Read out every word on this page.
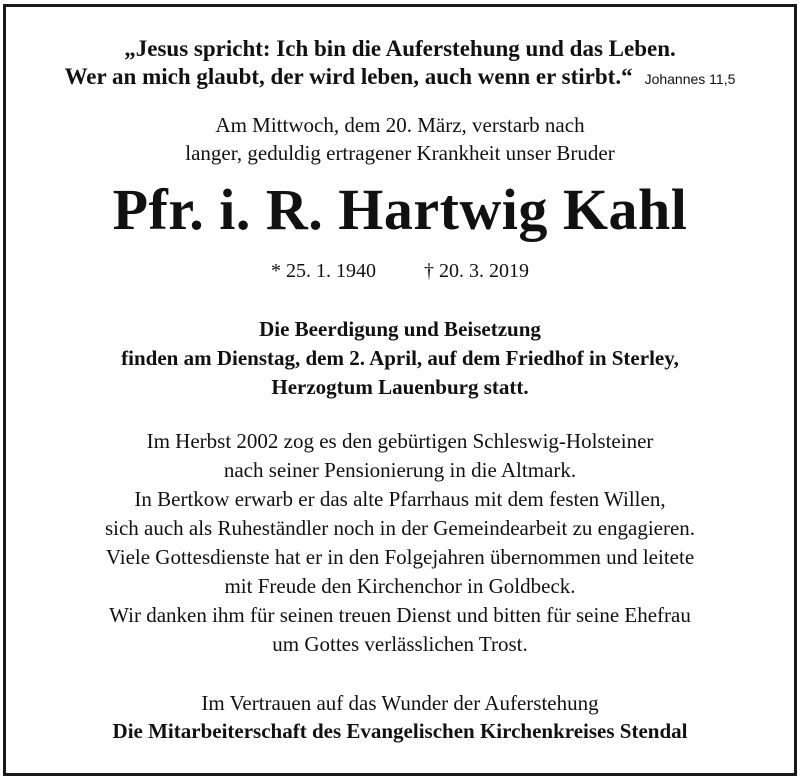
„Jesus spricht: Ich bin die Auferstehung und das Leben.
Wer an mich glaubt, der wird leben, auch wenn er stirbt.“ Johannes 11,5
Am Mittwoch, dem 20. März, verstarb nach
langer, geduldig ertragener Krankheit unser Bruder
Pfr. i. R. Hartwig Kahl
* 25. 1. 1940 † 20. 3. 2019
Die Beerdigung und Beisetzung
finden am Dienstag, dem 2. April, auf dem Friedhof in Sterley,
Herzogtum Lauenburg statt.
Im Herbst 2002 zog es den gebürtigen Schleswig-Holsteiner
nach seiner Pensionierung in die Altmark.
In Bertkow erwarb er das alte Pfarrhaus mit dem festen Willen,
sich auch als Ruheständler noch in der Gemeindearbeit zu engagieren.
Viele Gottesdienste hat er in den Folgejahren übernommen und leitete
mit Freude den Kirchenchor in Goldbeck.
Wir danken ihm für seinen treuen Dienst und bitten für seine Ehefrau
um Gottes verlässlichen Trost.
Im Vertrauen auf das Wunder der Auferstehung
Die Mitarbeiterschaft des Evangelischen Kirchenkreises Stendal
